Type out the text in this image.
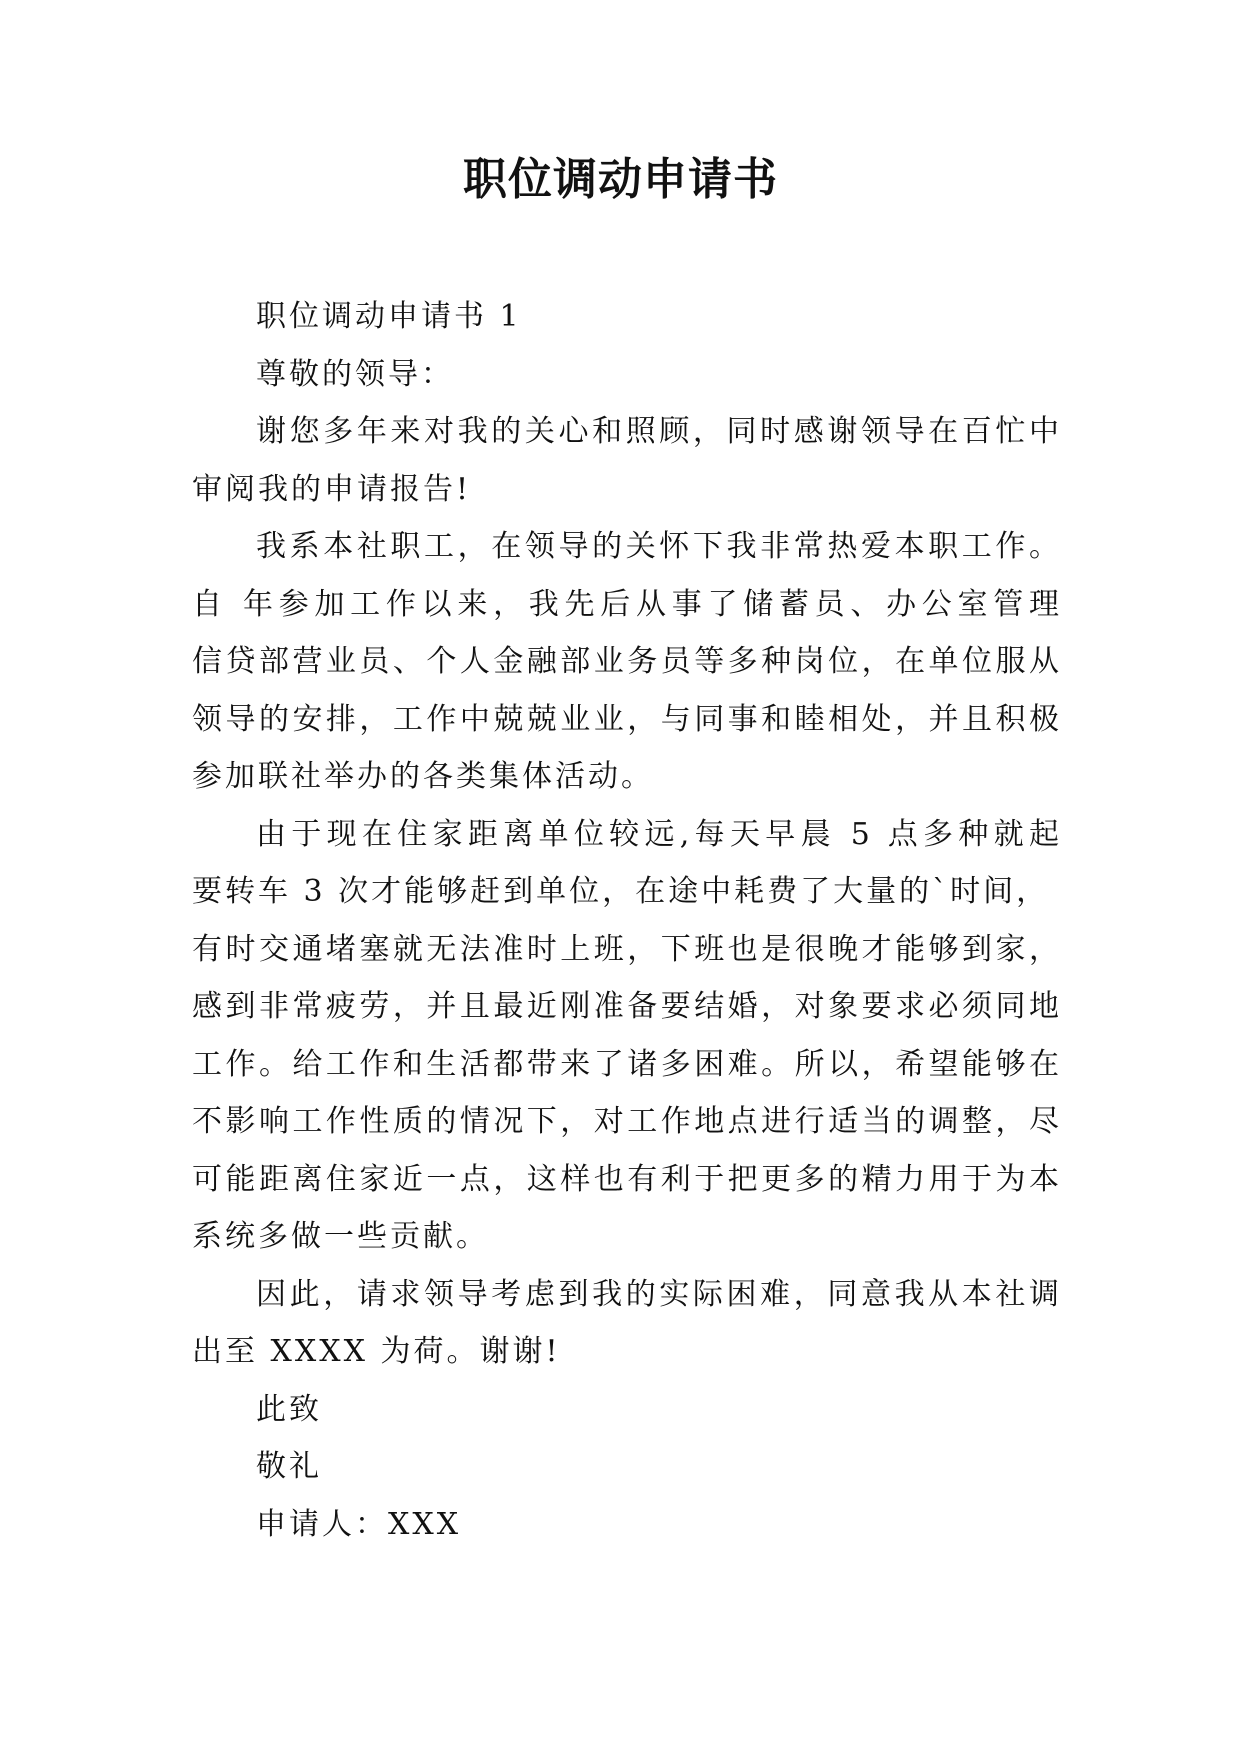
职位调动申请书

职位调动申请书 1

尊敬的领导：

谢您多年来对我的关心和照顾，同时感谢领导在百忙中

审阅我的申请报告!

我系本社职工，在领导的关怀下我非常热爱本职工作。

自 年参加工作以来，我先后从事了储蓄员、办公室管理

信贷部营业员、个人金融部业务员等多种岗位，在单位服从

领导的安排，工作中兢兢业业，与同事和睦相处，并且积极

参加联社举办的各类集体活动。

由于现在住家距离单位较远,每天早晨 5 点多种就起

要转车 3 次才能够赶到单位，在途中耗费了大量的`时间，

有时交通堵塞就无法准时上班，下班也是很晚才能够到家，

感到非常疲劳，并且最近刚准备要结婚，对象要求必须同地

工作。给工作和生活都带来了诸多困难。所以，希望能够在

不影响工作性质的情况下，对工作地点进行适当的调整，尽

可能距离住家近一点，这样也有利于把更多的精力用于为本

系统多做一些贡献。

因此，请求领导考虑到我的实际困难，同意我从本社调

出至 XXXX 为荷。谢谢!

此致

敬礼

申请人：XXX
